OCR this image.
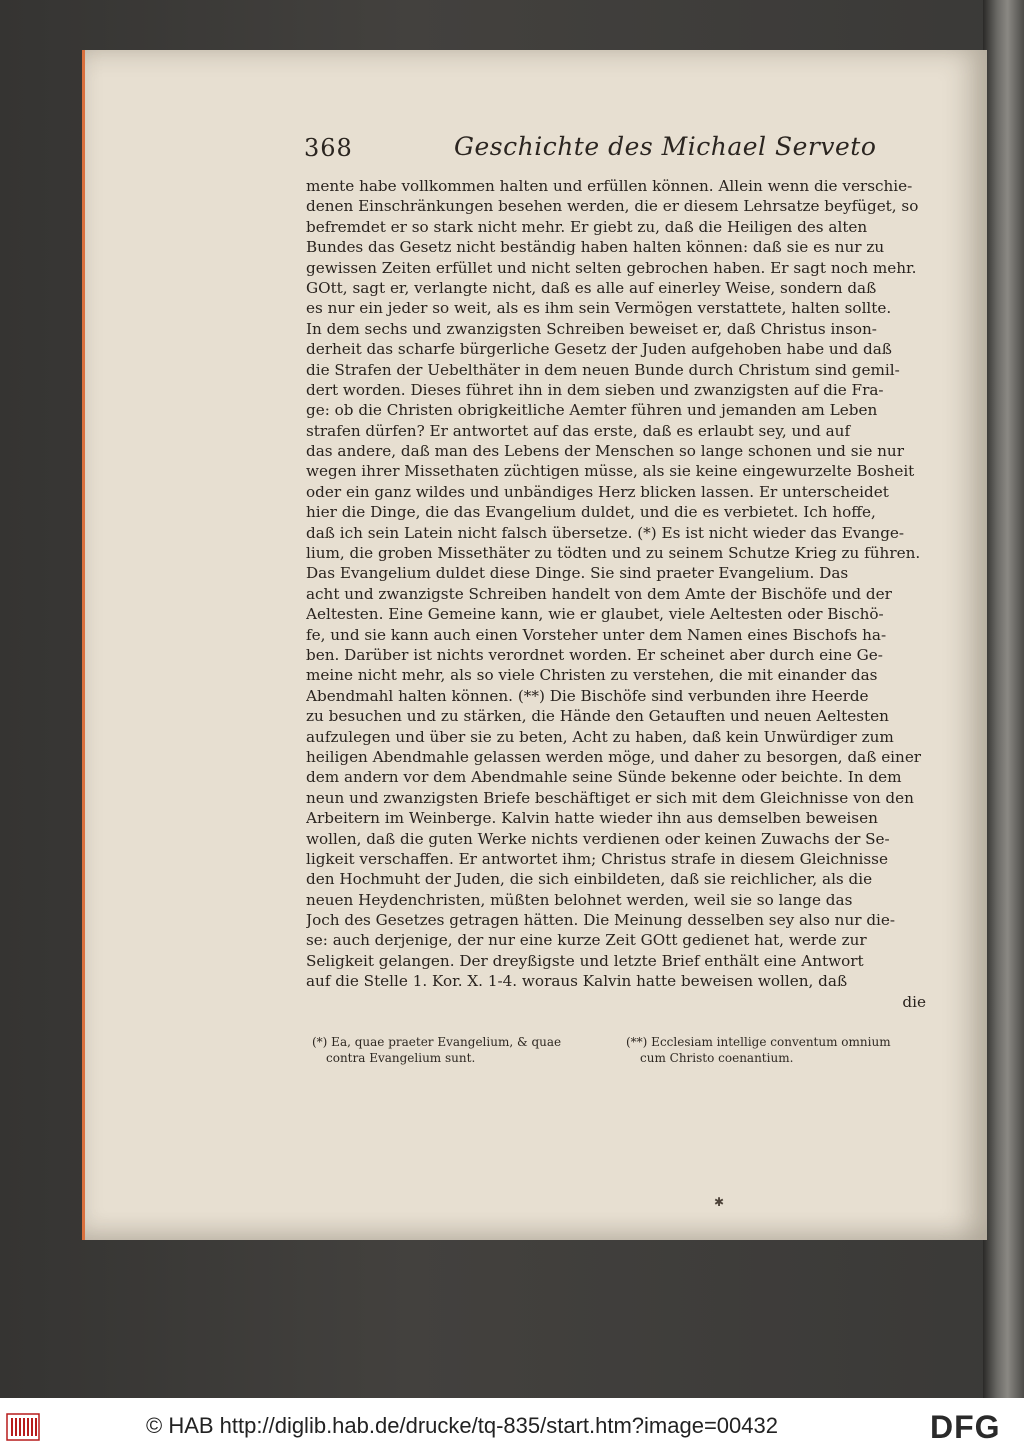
368	Geschichte des Michael Serveto
mente habe vollkommen halten und erfüllen können. Allein wenn die verschie-
denen Einschränkungen besehen werden, die er diesem Lehrsatze beyfüget, so
befremdet er so stark nicht mehr. Er giebt zu, daß die Heiligen des alten
Bundes das Gesetz nicht beständig haben halten können: daß sie es nur zu
gewissen Zeiten erfüllet und nicht selten gebrochen haben. Er sagt noch mehr.
GOtt, sagt er, verlangte nicht, daß es alle auf einerley Weise, sondern daß
es nur ein jeder so weit, als es ihm sein Vermögen verstattete, halten sollte.
In dem sechs und zwanzigsten Schreiben beweiset er, daß Christus inson-
derheit das scharfe bürgerliche Gesetz der Juden aufgehoben habe und daß
die Strafen der Uebelthäter in dem neuen Bunde durch Christum sind gemil-
dert worden. Dieses führet ihn in dem sieben und zwanzigsten auf die Fra-
ge: ob die Christen obrigkeitliche Aemter führen und jemanden am Leben
strafen dürfen? Er antwortet auf das erste, daß es erlaubt sey, und auf
das andere, daß man des Lebens der Menschen so lange schonen und sie nur
wegen ihrer Missethaten züchtigen müsse, als sie keine eingewurzelte Bosheit
oder ein ganz wildes und unbändiges Herz blicken lassen. Er unterscheidet
hier die Dinge, die das Evangelium duldet, und die es verbietet. Ich hoffe,
daß ich sein Latein nicht falsch übersetze. (*) Es ist nicht wieder das Evange-
lium, die groben Missethäter zu tödten und zu seinem Schutze Krieg zu führen.
Das Evangelium duldet diese Dinge. Sie sind praeter Evangelium. Das
acht und zwanzigste Schreiben handelt von dem Amte der Bischöfe und der
Aeltesten. Eine Gemeine kann, wie er glaubet, viele Aeltesten oder Bischö-
fe, und sie kann auch einen Vorsteher unter dem Namen eines Bischofs ha-
ben. Darüber ist nichts verordnet worden. Er scheinet aber durch eine Ge-
meine nicht mehr, als so viele Christen zu verstehen, die mit einander das
Abendmahl halten können. (**) Die Bischöfe sind verbunden ihre Heerde
zu besuchen und zu stärken, die Hände den Getauften und neuen Aeltesten
aufzulegen und über sie zu beten, Acht zu haben, daß kein Unwürdiger zum
heiligen Abendmahle gelassen werden möge, und daher zu besorgen, daß einer
dem andern vor dem Abendmahle seine Sünde bekenne oder beichte. In dem
neun und zwanzigsten Briefe beschäftiget er sich mit dem Gleichnisse von den
Arbeitern im Weinberge. Kalvin hatte wieder ihn aus demselben beweisen
wollen, daß die guten Werke nichts verdienen oder keinen Zuwachs der Se-
ligkeit verschaffen. Er antwortet ihm; Christus strafe in diesem Gleichnisse
den Hochmuht der Juden, die sich einbildeten, daß sie reichlicher, als die
neuen Heydenchristen, müßten belohnet werden, weil sie so lange das
Joch des Gesetzes getragen hätten. Die Meinung desselben sey also nur die-
se: auch derjenige, der nur eine kurze Zeit GOtt gedienet hat, werde zur
Seligkeit gelangen. Der dreyßigste und letzte Brief enthält eine Antwort
auf die Stelle 1. Kor. X. 1-4. woraus Kalvin hatte beweisen wollen, daß
die
(*) Ea, quae praeter Evangelium, & quae
contra Evangelium sunt.
(**) Ecclesiam intellige conventum omnium
cum Christo coenantium.
✱
© HAB http://diglib.hab.de/drucke/tq-835/start.htm?image=00432	DFG
